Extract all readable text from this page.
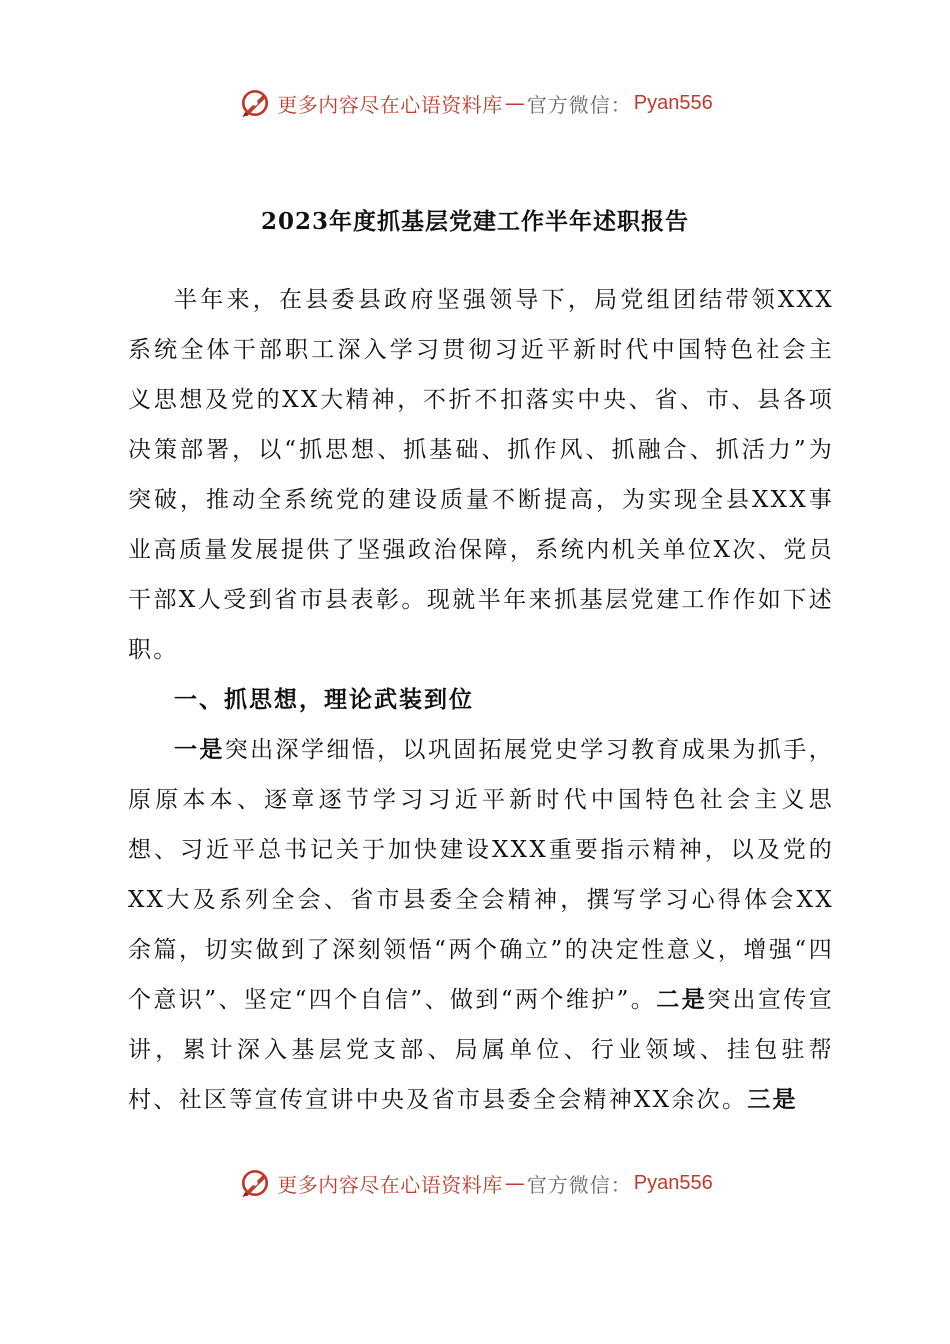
更多内容尽在心语资料库 — 官方微信： Pyan556
2023年度抓基层党建工作半年述职报告

半年来，在县委县政府坚强领导下，局党组团结带领XXX系统全体干部职工深入学习贯彻习近平新时代中国特色社会主义思想及党的XX大精神，不折不扣落实中央、省、市、县各项决策部署，以“抓思想、抓基础、抓作风、抓融合、抓活力”为突破，推动全系统党的建设质量不断提高，为实现全县XXX事业高质量发展提供了坚强政治保障，系统内机关单位X次、党员干部X人受到省市县表彰。现就半年来抓基层党建工作作如下述职。

一、抓思想，理论武装到位

一是突出深学细悟，以巩固拓展党史学习教育成果为抓手，原原本本、逐章逐节学习习近平新时代中国特色社会主义思想、习近平总书记关于加快建设XXX重要指示精神，以及党的XX大及系列全会、省市县委全会精神，撰写学习心得体会XX余篇，切实做到了深刻领悟“两个确立”的决定性意义，增强“四个意识”、坚定“四个自信”、做到“两个维护”。二是突出宣传宣讲，累计深入基层党支部、局属单位、行业领域、挂包驻帮村、社区等宣传宣讲中央及省市县委全会精神XX余次。三是

更多内容尽在心语资料库 — 官方微信： Pyan556
